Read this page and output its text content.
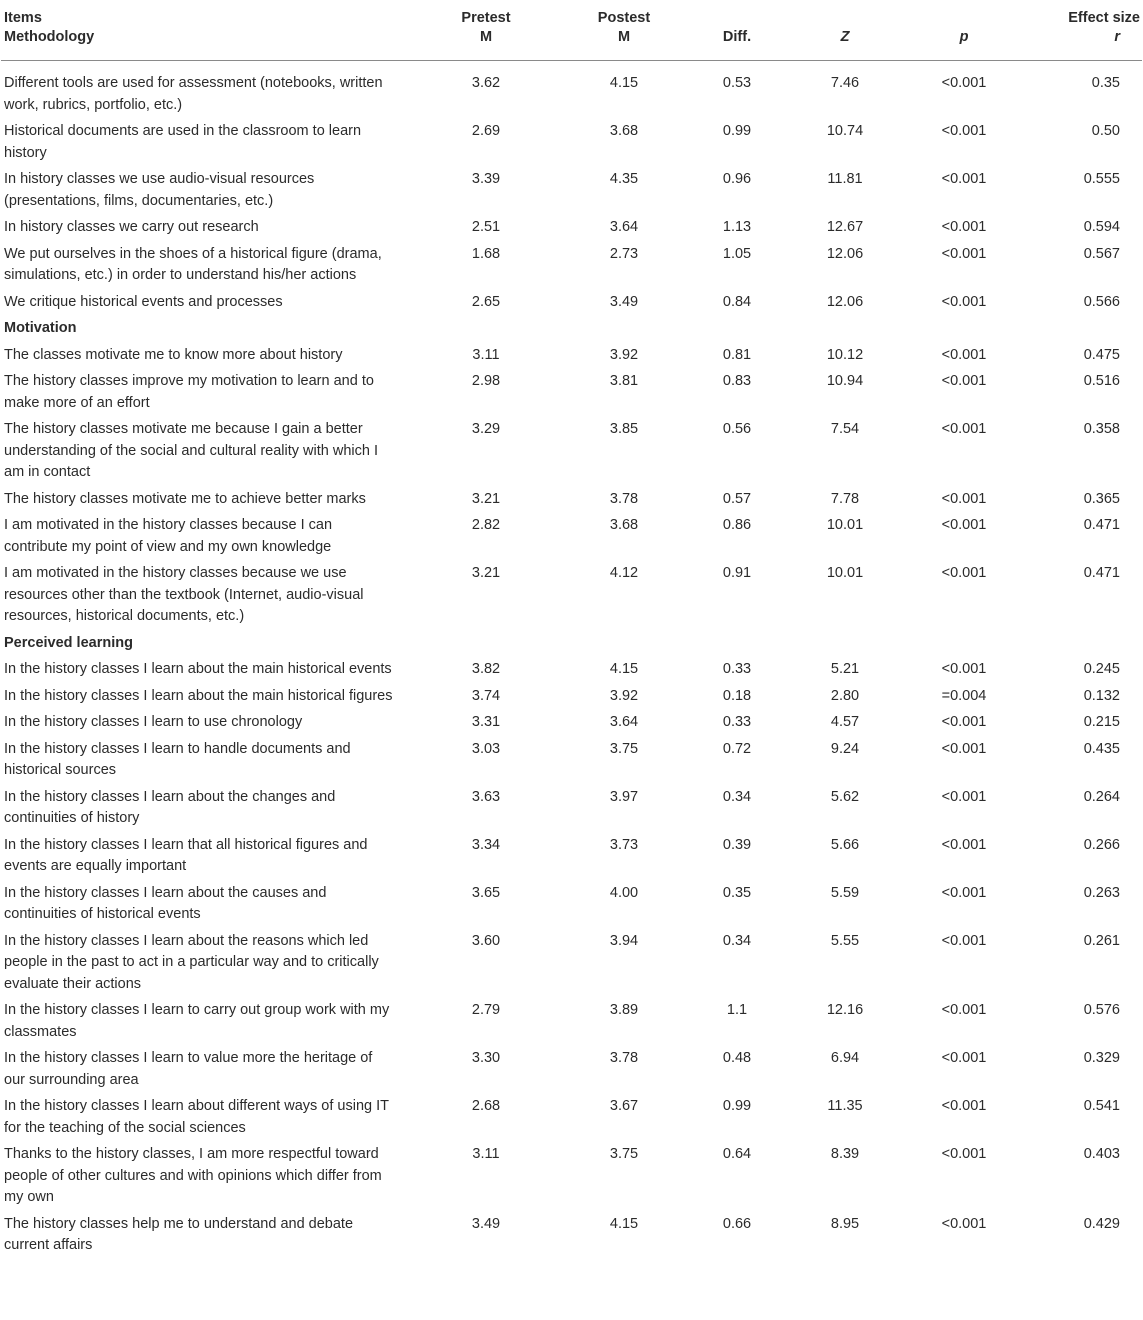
Items	Pretest	Postest				Effect size
Methodology	M	M	Diff.	Z	p	r
Different tools are used for assessment (notebooks, written work, rubrics, portfolio, etc.)	3.62	4.15	0.53	7.46	<0.001	0.35
Historical documents are used in the classroom to learn history	2.69	3.68	0.99	10.74	<0.001	0.50
In history classes we use audio-visual resources (presentations, films, documentaries, etc.)	3.39	4.35	0.96	11.81	<0.001	0.555
In history classes we carry out research	2.51	3.64	1.13	12.67	<0.001	0.594
We put ourselves in the shoes of a historical figure (drama, simulations, etc.) in order to understand his/her actions	1.68	2.73	1.05	12.06	<0.001	0.567
We critique historical events and processes	2.65	3.49	0.84	12.06	<0.001	0.566
Motivation						
The classes motivate me to know more about history	3.11	3.92	0.81	10.12	<0.001	0.475
The history classes improve my motivation to learn and to make more of an effort	2.98	3.81	0.83	10.94	<0.001	0.516
The history classes motivate me because I gain a better understanding of the social and cultural reality with which I am in contact	3.29	3.85	0.56	7.54	<0.001	0.358
The history classes motivate me to achieve better marks	3.21	3.78	0.57	7.78	<0.001	0.365
I am motivated in the history classes because I can contribute my point of view and my own knowledge	2.82	3.68	0.86	10.01	<0.001	0.471
I am motivated in the history classes because we use resources other than the textbook (Internet, audio-visual resources, historical documents, etc.)	3.21	4.12	0.91	10.01	<0.001	0.471
Perceived learning						
In the history classes I learn about the main historical events	3.82	4.15	0.33	5.21	<0.001	0.245
In the history classes I learn about the main historical figures	3.74	3.92	0.18	2.80	=0.004	0.132
In the history classes I learn to use chronology	3.31	3.64	0.33	4.57	<0.001	0.215
In the history classes I learn to handle documents and historical sources	3.03	3.75	0.72	9.24	<0.001	0.435
In the history classes I learn about the changes and continuities of history	3.63	3.97	0.34	5.62	<0.001	0.264
In the history classes I learn that all historical figures and events are equally important	3.34	3.73	0.39	5.66	<0.001	0.266
In the history classes I learn about the causes and continuities of historical events	3.65	4.00	0.35	5.59	<0.001	0.263
In the history classes I learn about the reasons which led people in the past to act in a particular way and to critically evaluate their actions	3.60	3.94	0.34	5.55	<0.001	0.261
In the history classes I learn to carry out group work with my classmates	2.79	3.89	1.1	12.16	<0.001	0.576
In the history classes I learn to value more the heritage of our surrounding area	3.30	3.78	0.48	6.94	<0.001	0.329
In the history classes I learn about different ways of using IT for the teaching of the social sciences	2.68	3.67	0.99	11.35	<0.001	0.541
Thanks to the history classes, I am more respectful toward people of other cultures and with opinions which differ from my own	3.11	3.75	0.64	8.39	<0.001	0.403
The history classes help me to understand and debate current affairs	3.49	4.15	0.66	8.95	<0.001	0.429
